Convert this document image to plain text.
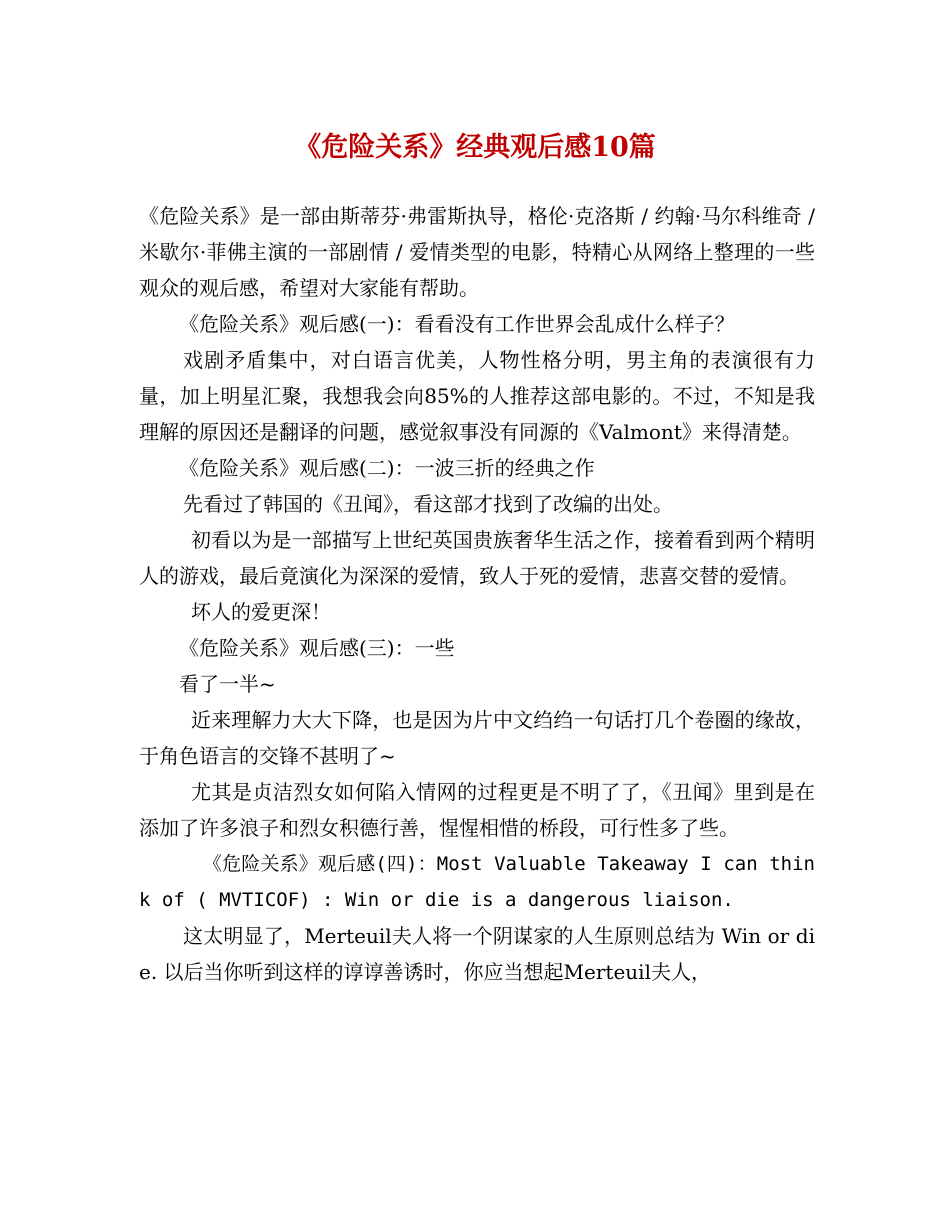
《危险关系》经典观后感10篇

《危险关系》是一部由斯蒂芬·弗雷斯执导，格伦·克洛斯 / 约翰·马尔科维奇 / 米歇尔·菲佛主演的一部剧情 / 爱情类型的电影，特精心从网络上整理的一些观众的观后感，希望对大家能有帮助。

《危险关系》观后感(一)：看看没有工作世界会乱成什么样子？

戏剧矛盾集中，对白语言优美，人物性格分明，男主角的表演很有力量，加上明星汇聚，我想我会向85%的人推荐这部电影的。不过，不知是我理解的原因还是翻译的问题，感觉叙事没有同源的《Valmont》来得清楚。

《危险关系》观后感(二)：一波三折的经典之作

先看过了韩国的《丑闻》，看这部才找到了改编的出处。

初看以为是一部描写上世纪英国贵族奢华生活之作，接着看到两个精明人的游戏，最后竟演化为深深的爱情，致人于死的爱情，悲喜交替的爱情。

坏人的爱更深！

《危险关系》观后感(三)：一些

看了一半~

近来理解力大大下降，也是因为片中文绉绉一句话打几个卷圈的缘故，于角色语言的交锋不甚明了~

尤其是贞洁烈女如何陷入情网的过程更是不明了了，《丑闻》里到是在添加了许多浪子和烈女积德行善，惺惺相惜的桥段，可行性多了些。

《危险关系》观后感(四)：Most Valuable Takeaway I can think of ( MVTICOF) : Win or die is a dangerous liaison.

这太明显了，Merteuil夫人将一个阴谋家的人生原则总结为 Win or die. 以后当你听到这样的谆谆善诱时，你应当想起Merteuil夫人，
